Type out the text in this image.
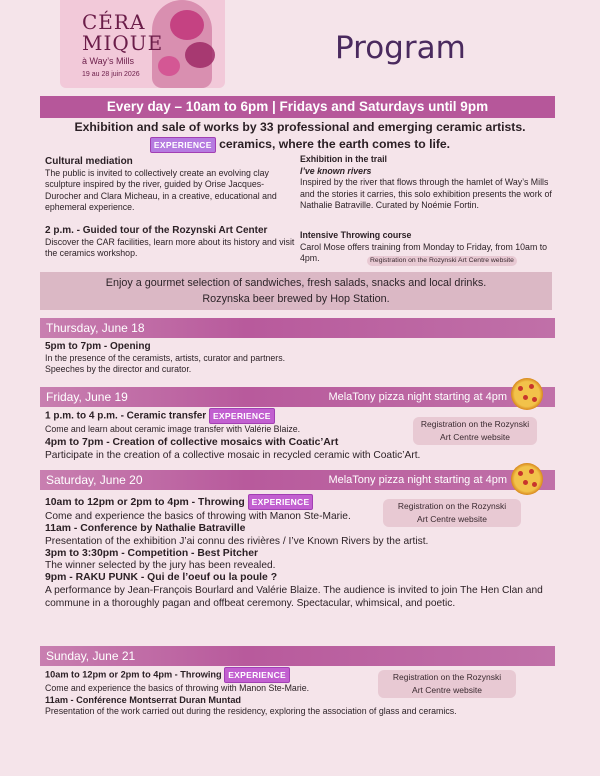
CÉRA
MIQUE
à Way’s Mills
19 au 28 juin 2026
Program
Every day – 10am to 6pm | Fridays and Saturdays until 9pm
Exhibition and sale of works by 33 professional and emerging ceramic artists.
EXPERIENCE ceramics, where the earth comes to life.
Cultural mediation
The public is invited to collectively create an evolving clay sculpture inspired by the river, guided by Orise Jacques-Durocher and Clara Micheau, in a creative, educational and ephemeral experience.
2 p.m. - Guided tour of the Rozynski Art Center
Discover the CAR facilities, learn more about its history and visit the ceramics workshop.
Exhibition in the trail
I’ve known rivers
Inspired by the river that flows through the hamlet of Way’s Mills and the stories it carries, this solo exhibition presents the work of Nathalie Batraville. Curated by Noémie Fortin.
Intensive Throwing course
Carol Mose offers training from Monday to Friday, from 10am to 4pm.	Registration on the Rozynski Art Centre website
Enjoy a gourmet selection of sandwiches, fresh salads, snacks and local drinks.
Rozynska beer brewed by Hop Station.
Thursday, June 18
5pm to 7pm - Opening
In the presence of the ceramists, artists, curator and partners.
Speeches by the director and curator.
Friday, June 19	MelaTony pizza night starting at 4pm
1 p.m. to 4 p.m. - Ceramic transfer EXPERIENCE
Come and learn about ceramic image transfer with Valérie Blaize.	Registration on the Rozynski
Art Centre website
4pm to 7pm - Creation of collective mosaics with Coatic’Art
Participate in the creation of a collective mosaic in recycled ceramic with Coatic’Art.
Saturday, June 20	MelaTony pizza night starting at 4pm
10am to 12pm or 2pm to 4pm - Throwing EXPERIENCE
Come and experience the basics of throwing with Manon Ste-Marie.
11am - Conference by Nathalie Batraville
Presentation of the exhibition J’ai connu des rivières / I’ve Known Rivers by the artist.
3pm to 3:30pm - Competition - Best Pitcher
The winner selected by the jury has been revealed.
9pm - RAKU PUNK - Qui de l’oeuf ou la poule ?
A performance by Jean-François Bourlard and Valérie Blaize. The audience is invited to join The Hen Clan and commune in a thoroughly pagan and offbeat ceremony. Spectacular, whimsical, and poetic.
Registration on the Rozynski
Art Centre website
Sunday, June 21
10am to 12pm or 2pm to 4pm - Throwing EXPERIENCE
Come and experience the basics of throwing with Manon Ste-Marie.
11am - Conférence Montserrat Duran Muntad
Presentation of the work carried out during the residency, exploring the association of glass and ceramics.
Registration on the Rozynski
Art Centre website
